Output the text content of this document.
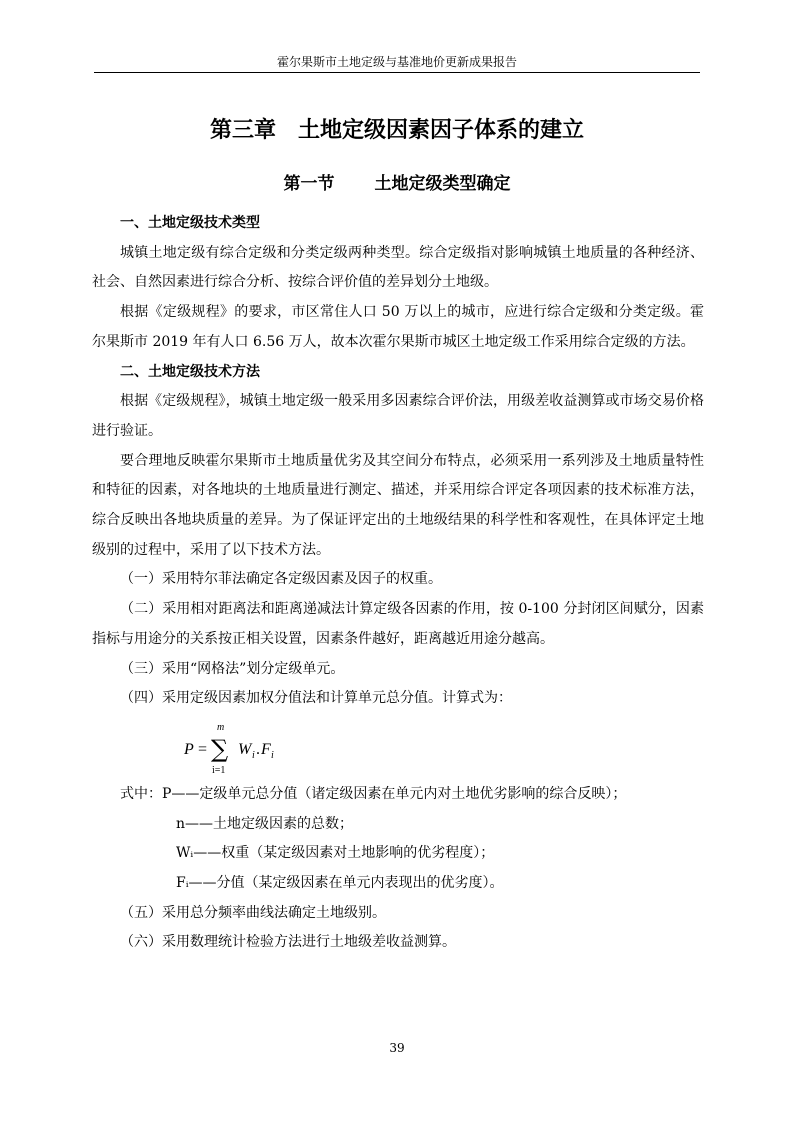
霍尔果斯市土地定级与基准地价更新成果报告
第三章　土地定级因素因子体系的建立
第一节 土地定级类型确定

一、土地定级技术类型

城镇土地定级有综合定级和分类定级两种类型。综合定级指对影响城镇土地质量的各种经济、社会、自然因素进行综合分析、按综合评价值的差异划分土地级。

根据《定级规程》的要求，市区常住人口 50 万以上的城市，应进行综合定级和分类定级。霍尔果斯市 2019 年有人口 6.56 万人，故本次霍尔果斯市城区土地定级工作采用综合定级的方法。

二、土地定级技术方法

根据《定级规程》，城镇土地定级一般采用多因素综合评价法，用级差收益测算或市场交易价格进行验证。

要合理地反映霍尔果斯市土地质量优劣及其空间分布特点，必须采用一系列涉及土地质量特性和特征的因素，对各地块的土地质量进行测定、描述，并采用综合评定各项因素的技术标准方法，综合反映出各地块质量的差异。为了保证评定出的土地级结果的科学性和客观性，在具体评定土地级别的过程中，采用了以下技术方法。

（一）采用特尔菲法确定各定级因素及因子的权重。

（二）采用相对距离法和距离递减法计算定级各因素的作用，按 0-100 分封闭区间赋分，因素指标与用途分的关系按正相关设置，因素条件越好，距离越近用途分越高。

（三）采用“网格法”划分定级单元。

（四）采用定级因素加权分值法和计算单元总分值。计算式为：

P = ∑
m
i=1
W i . F i

式中：P——定级单元总分值（诸定级因素在单元内对土地优劣影响的综合反映）；

n——土地定级因素的总数；

Wᵢ——权重（某定级因素对土地影响的优劣程度）；

Fᵢ——分值（某定级因素在单元内表现出的优劣度）。

（五）采用总分频率曲线法确定土地级别。

（六）采用数理统计检验方法进行土地级差收益测算。

39
